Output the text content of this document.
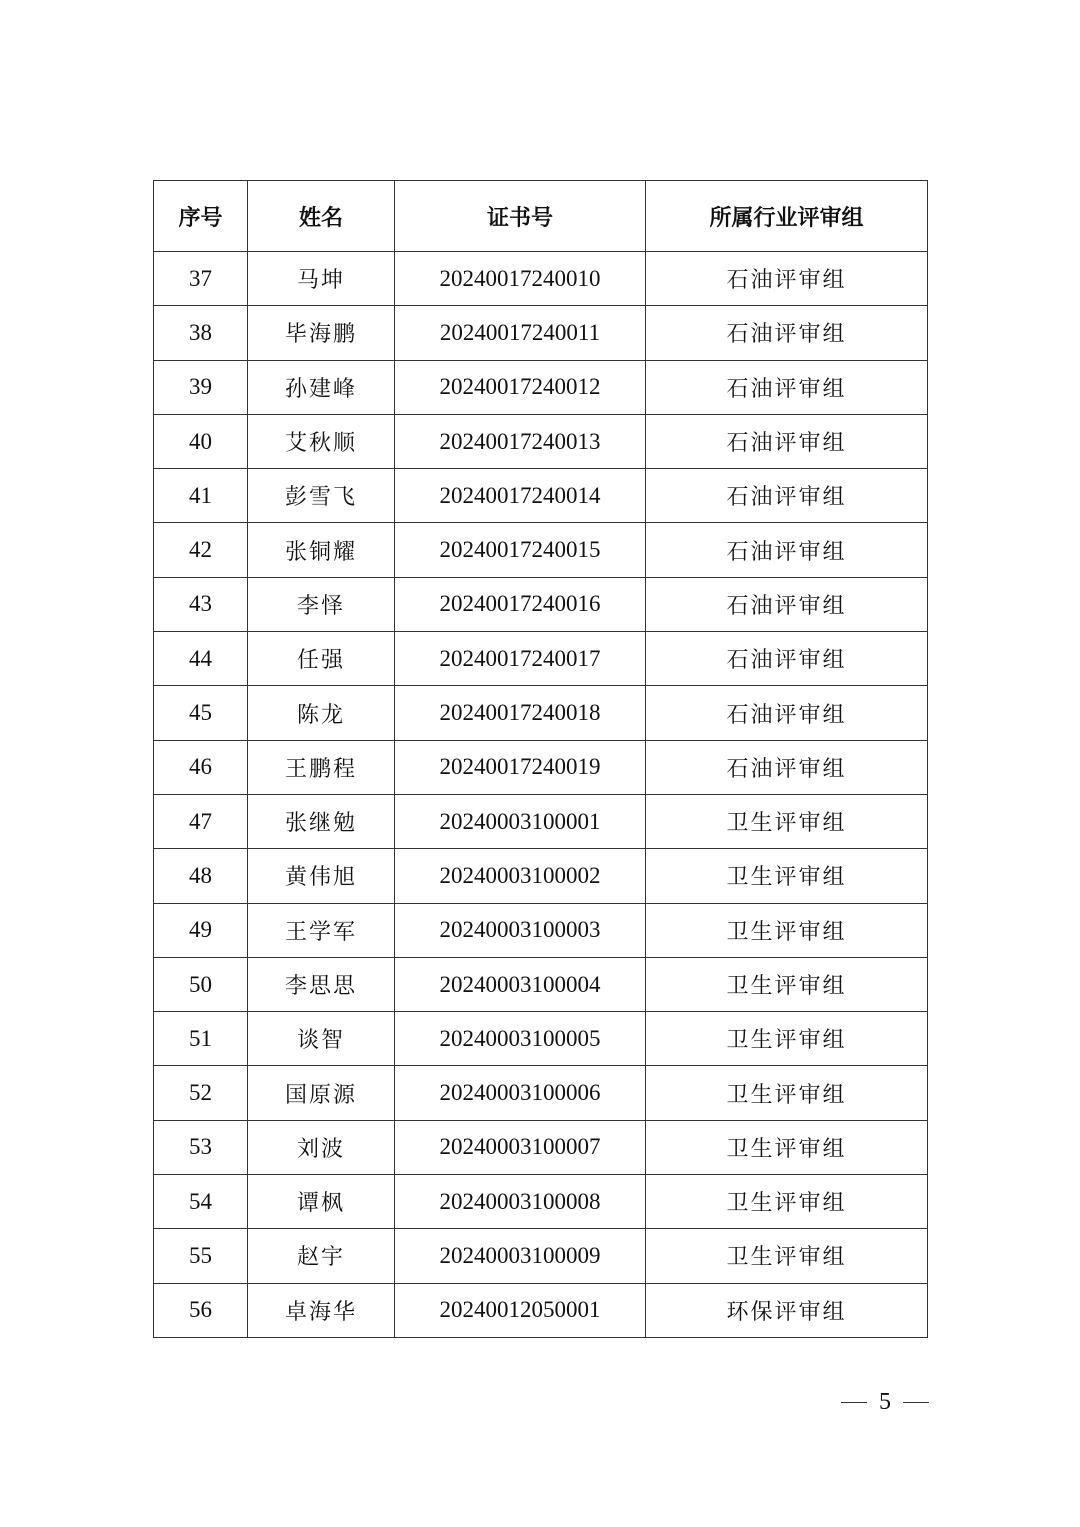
序号	姓名	证书号	所属行业评审组
37	马坤	20240017240010	石油评审组
38	毕海鹏	20240017240011	石油评审组
39	孙建峰	20240017240012	石油评审组
40	艾秋顺	20240017240013	石油评审组
41	彭雪飞	20240017240014	石油评审组
42	张铜耀	20240017240015	石油评审组
43	李怿	20240017240016	石油评审组
44	任强	20240017240017	石油评审组
45	陈龙	20240017240018	石油评审组
46	王鹏程	20240017240019	石油评审组
47	张继勉	20240003100001	卫生评审组
48	黄伟旭	20240003100002	卫生评审组
49	王学军	20240003100003	卫生评审组
50	李思思	20240003100004	卫生评审组
51	谈智	20240003100005	卫生评审组
52	国原源	20240003100006	卫生评审组
53	刘波	20240003100007	卫生评审组
54	谭枫	20240003100008	卫生评审组
55	赵宇	20240003100009	卫生评审组
56	卓海华	20240012050001	环保评审组
5
